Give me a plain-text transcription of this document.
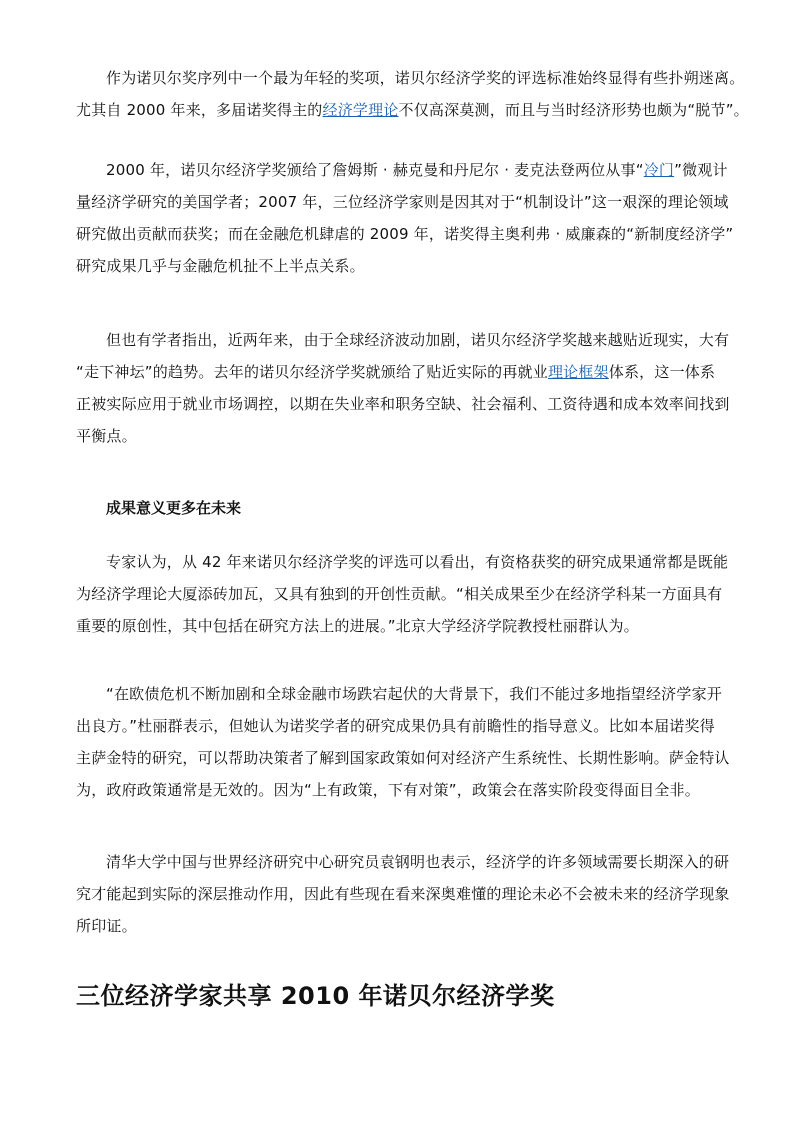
作为诺贝尔奖序列中一个最为年轻的奖项，诺贝尔经济学奖的评选标准始终显得有些扑朔迷离。
尤其自 2000 年来，多届诺奖得主的经济学理论不仅高深莫测，而且与当时经济形势也颇为“脱节”。

2000 年，诺贝尔经济学奖颁给了詹姆斯 · 赫克曼和丹尼尔 · 麦克法登两位从事“冷门”微观计
量经济学研究的美国学者；2007 年，三位经济学家则是因其对于“机制设计”这一艰深的理论领域
研究做出贡献而获奖；而在金融危机肆虐的 2009 年，诺奖得主奥利弗 · 威廉森的“新制度经济学”
研究成果几乎与金融危机扯不上半点关系。

但也有学者指出，近两年来，由于全球经济波动加剧，诺贝尔经济学奖越来越贴近现实，大有
“走下神坛”的趋势。去年的诺贝尔经济学奖就颁给了贴近实际的再就业理论框架体系，这一体系
正被实际应用于就业市场调控，以期在失业率和职务空缺、社会福利、工资待遇和成本效率间找到
平衡点。

成果意义更多在未来

专家认为，从 42 年来诺贝尔经济学奖的评选可以看出，有资格获奖的研究成果通常都是既能
为经济学理论大厦添砖加瓦，又具有独到的开创性贡献。“相关成果至少在经济学科某一方面具有
重要的原创性，其中包括在研究方法上的进展。”北京大学经济学院教授杜丽群认为。

“在欧债危机不断加剧和全球金融市场跌宕起伏的大背景下，我们不能过多地指望经济学家开
出良方。”杜丽群表示，但她认为诺奖学者的研究成果仍具有前瞻性的指导意义。比如本届诺奖得
主萨金特的研究，可以帮助决策者了解到国家政策如何对经济产生系统性、长期性影响。萨金特认
为，政府政策通常是无效的。因为“上有政策，下有对策”，政策会在落实阶段变得面目全非。

清华大学中国与世界经济研究中心研究员袁钢明也表示，经济学的许多领域需要长期深入的研
究才能起到实际的深层推动作用，因此有些现在看来深奥难懂的理论未必不会被未来的经济学现象
所印证。

三位经济学家共享 2010 年诺贝尔经济学奖
